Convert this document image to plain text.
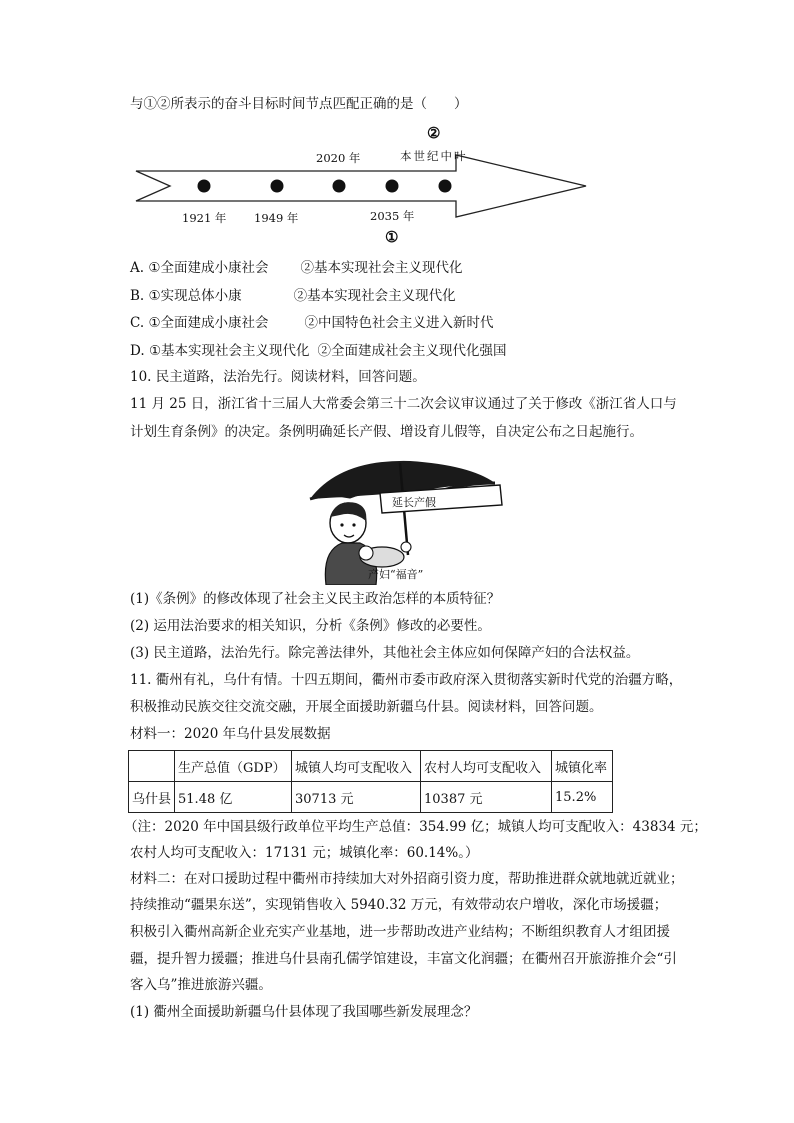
与①②所表示的奋斗目标时间节点匹配正确的是（　　）
②
2020 年	本世纪中叶
1921 年 1949 年	2035 年
①
A. ①全面建成小康社会 ②基本实现社会主义现代化
B. ①实现总体小康	②基本实现社会主义现代化
C. ①全面建成小康社会	②中国特色社会主义进入新时代
D. ①基本实现社会主义现代化 ②全面建成社会主义现代化强国
10. 民主道路，法治先行。阅读材料，回答问题。
11 月 25 日，浙江省十三届人大常委会第三十二次会议审议通过了关于修改《浙江省人口与
计划生育条例》的决定。条例明确延长产假、增设育儿假等，自决定公布之日起施行。
延长产假
产妇“福音”
(1)《条例》的修改体现了社会主义民主政治怎样的本质特征？
(2) 运用法治要求的相关知识，分析《条例》修改的必要性。
(3) 民主道路，法治先行。除完善法律外，其他社会主体应如何保障产妇的合法权益。
11. 衢州有礼，乌什有情。十四五期间，衢州市委市政府深入贯彻落实新时代党的治疆方略，
积极推动民族交往交流交融，开展全面援助新疆乌什县。阅读材料，回答问题。
材料一：2020 年乌什县发展数据
	生产总值（GDP）	城镇人均可支配收入	农村人均可支配收入	城镇化率
乌什县	51.48 亿	30713 元	10387 元	15.2%
（注：2020 年中国县级行政单位平均生产总值：354.99 亿；城镇人均可支配收入：43834 元；
农村人均可支配收入：17131 元；城镇化率：60.14%。）
材料二：在对口援助过程中衢州市持续加大对外招商引资力度，帮助推进群众就地就近就业；
持续推动“疆果东送”，实现销售收入 5940.32 万元，有效带动农户增收，深化市场援疆；
积极引入衢州高新企业充实产业基地，进一步帮助改进产业结构；不断组织教育人才组团援
疆，提升智力援疆；推进乌什县南孔儒学馆建设，丰富文化润疆；在衢州召开旅游推介会“引
客入乌”推进旅游兴疆。
(1) 衢州全面援助新疆乌什县体现了我国哪些新发展理念？
